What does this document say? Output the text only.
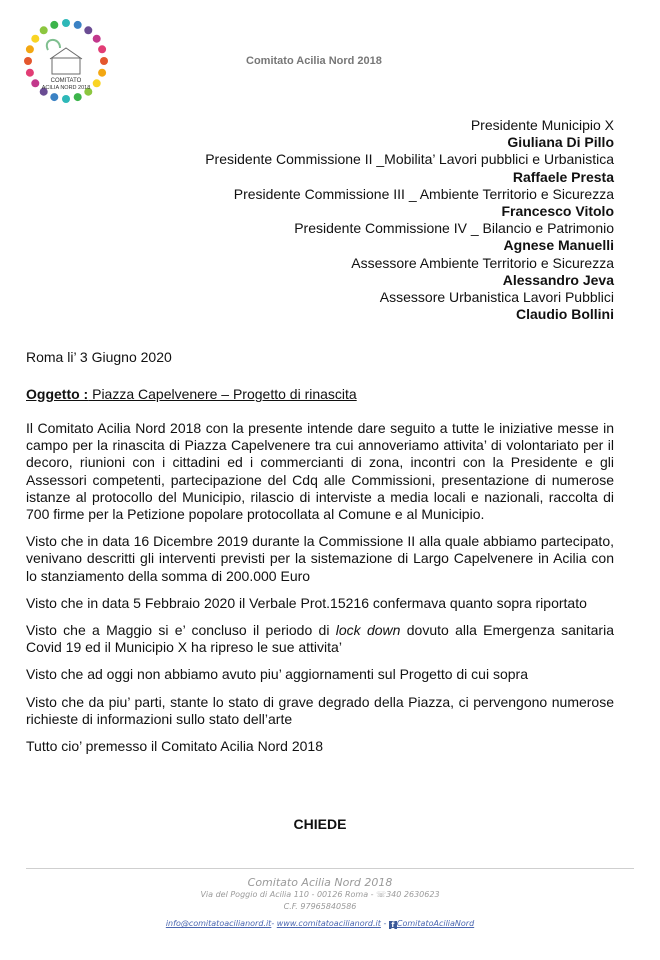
COMITATO
ACILIA NORD 2018
Comitato Acilia Nord 2018
Presidente Municipio X
Giuliana Di Pillo
Presidente Commissione II _Mobilita’ Lavori pubblici e Urbanistica
Raffaele Presta
Presidente Commissione III _ Ambiente Territorio e Sicurezza
Francesco Vitolo
Presidente Commissione IV _ Bilancio e Patrimonio
Agnese Manuelli
Assessore Ambiente Territorio e Sicurezza
Alessandro Jeva
Assessore Urbanistica Lavori Pubblici
Claudio Bollini
Roma li’ 3 Giugno 2020
Oggetto : Piazza Capelvenere – Progetto di rinascita

Il Comitato Acilia Nord 2018 con la presente intende dare seguito a tutte le iniziative messe in campo per la rinascita di Piazza Capelvenere tra cui annoveriamo attivita’ di volontariato per il decoro, riunioni con i cittadini ed i commercianti di zona, incontri con la Presidente e gli Assessori competenti, partecipazione del Cdq alle Commissioni, presentazione di numerose istanze al protocollo del Municipio, rilascio di interviste a media locali e nazionali, raccolta di 700 firme per la Petizione popolare protocollata al Comune e al Municipio.

Visto che in data 16 Dicembre 2019 durante la Commissione II alla quale abbiamo partecipato, venivano descritti gli interventi previsti per la sistemazione di Largo Capelvenere in Acilia con lo stanziamento della somma di 200.000 Euro

Visto che in data 5 Febbraio 2020 il Verbale Prot.15216 confermava quanto sopra riportato

Visto che a Maggio si e’ concluso il periodo di lock down dovuto alla Emergenza sanitaria Covid 19 ed il Municipio X ha ripreso le sue attivita’

Visto che ad oggi non abbiamo avuto piu’ aggiornamenti sul Progetto di cui sopra

Visto che da piu’ parti, stante lo stato di grave degrado della Piazza, ci pervengono numerose richieste di informazioni sullo stato dell’arte

Tutto cio’ premesso il Comitato Acilia Nord 2018

CHIEDE
Comitato Acilia Nord 2018
Via del Poggio di Acilia 110 - 00126 Roma - ☏340 2630623
C.F. 97965840586
info@comitatoacilianord.it- www.comitatoacilianord.it - f ComitatoAciliaNord
